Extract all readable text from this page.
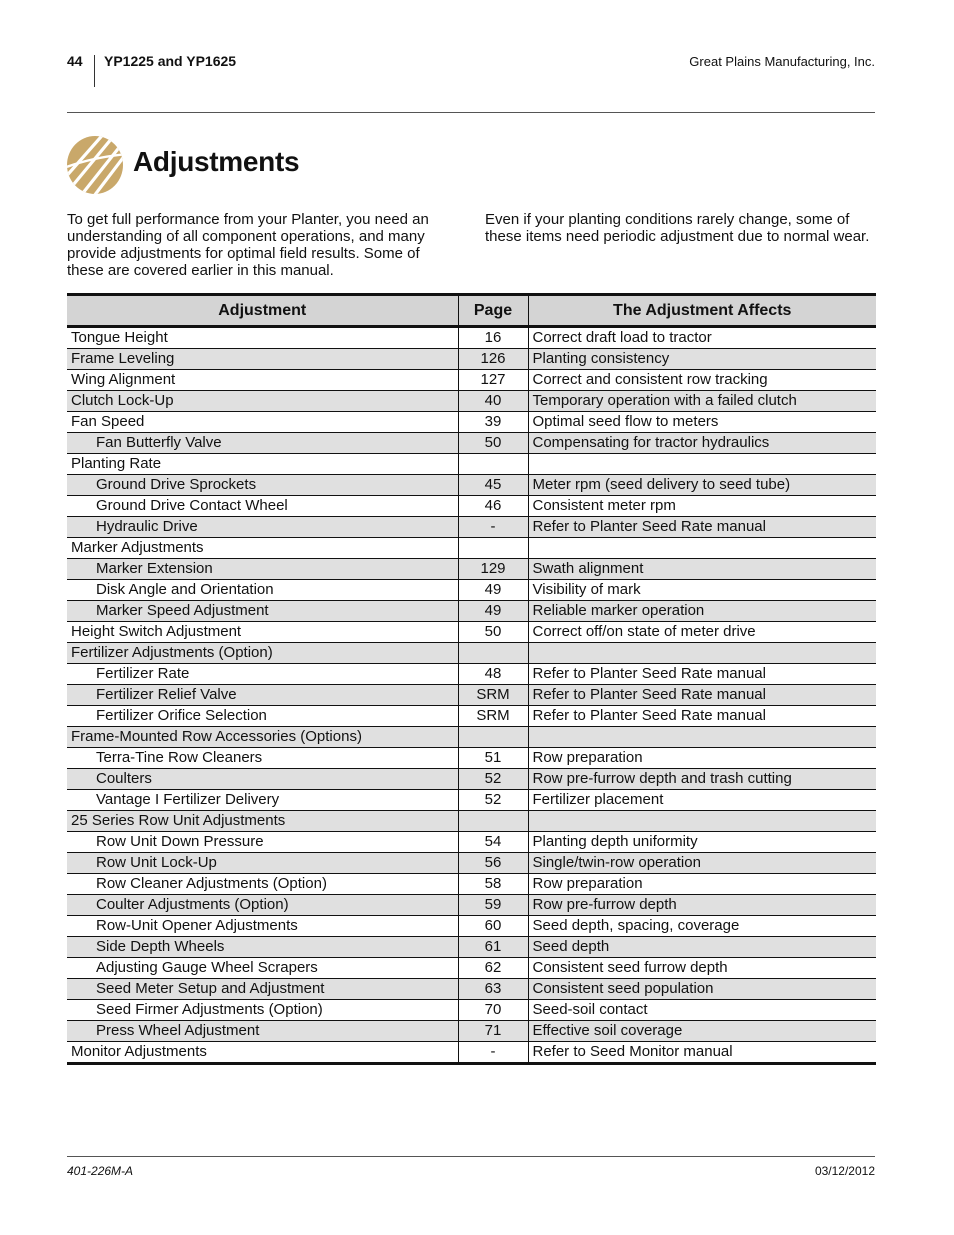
44 YP1225 and YP1625	Great Plains Manufacturing, Inc.
Adjustments
To get full performance from your Planter, you need an understanding of all component operations, and many provide adjustments for optimal field results. Some of these are covered earlier in this manual.
Even if your planting conditions rarely change, some of these items need periodic adjustment due to normal wear.
Adjustment	Page	The Adjustment Affects
Tongue Height	16	Correct draft load to tractor
Frame Leveling	126	Planting consistency
Wing Alignment	127	Correct and consistent row tracking
Clutch Lock-Up	40	Temporary operation with a failed clutch
Fan Speed	39	Optimal seed flow to meters
Fan Butterfly Valve	50	Compensating for tractor hydraulics
Planting Rate		
Ground Drive Sprockets	45	Meter rpm (seed delivery to seed tube)
Ground Drive Contact Wheel	46	Consistent meter rpm
Hydraulic Drive	-	Refer to Planter Seed Rate manual
Marker Adjustments		
Marker Extension	129	Swath alignment
Disk Angle and Orientation	49	Visibility of mark
Marker Speed Adjustment	49	Reliable marker operation
Height Switch Adjustment	50	Correct off/on state of meter drive
Fertilizer Adjustments (Option)		
Fertilizer Rate	48	Refer to Planter Seed Rate manual
Fertilizer Relief Valve	SRM	Refer to Planter Seed Rate manual
Fertilizer Orifice Selection	SRM	Refer to Planter Seed Rate manual
Frame-Mounted Row Accessories (Options)		
Terra-Tine Row Cleaners	51	Row preparation
Coulters	52	Row pre-furrow depth and trash cutting
Vantage I Fertilizer Delivery	52	Fertilizer placement
25 Series Row Unit Adjustments		
Row Unit Down Pressure	54	Planting depth uniformity
Row Unit Lock-Up	56	Single/twin-row operation
Row Cleaner Adjustments (Option)	58	Row preparation
Coulter Adjustments (Option)	59	Row pre-furrow depth
Row-Unit Opener Adjustments	60	Seed depth, spacing, coverage
Side Depth Wheels	61	Seed depth
Adjusting Gauge Wheel Scrapers	62	Consistent seed furrow depth
Seed Meter Setup and Adjustment	63	Consistent seed population
Seed Firmer Adjustments (Option)	70	Seed-soil contact
Press Wheel Adjustment	71	Effective soil coverage
Monitor Adjustments	-	Refer to Seed Monitor manual
401-226M-A	03/12/2012
